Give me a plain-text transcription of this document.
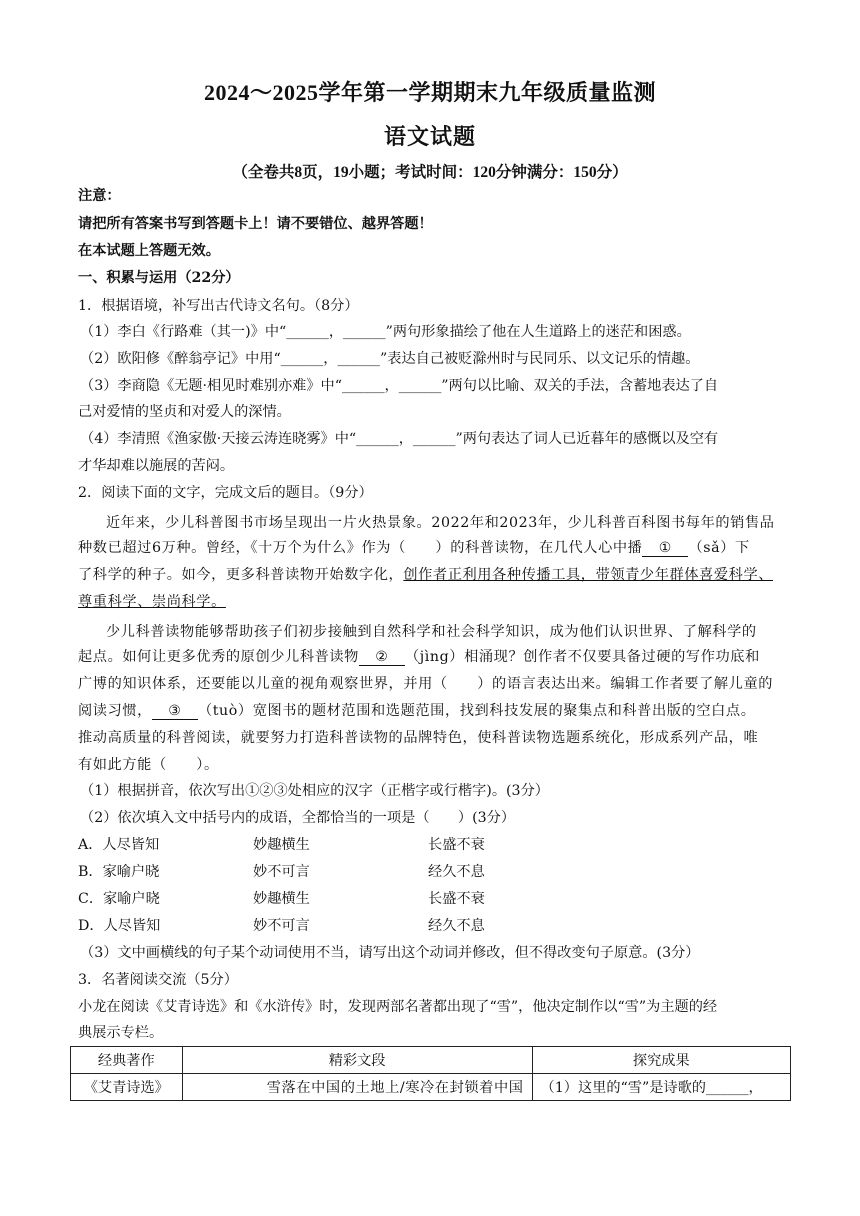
2024～2025学年第一学期期末九年级质量监测
语文试题
（全卷共8页，19小题；考试时间：120分钟满分：150分）
注意：
请把所有答案书写到答题卡上！请不要错位、越界答题！
在本试题上答题无效。
一、积累与运用（22分）
1．根据语境，补写出古代诗文名句。（8分）
（1）李白《行路难（其一)》中“______，______”两句形象描绘了他在人生道路上的迷茫和困惑。
（2）欧阳修《醉翁亭记》中用“______，______”表达自己被贬滁州时与民同乐、以文记乐的情趣。
（3）李商隐《无题·相见时难别亦难》中“______，______”两句以比喻、双关的手法，含蓄地表达了自
己对爱情的坚贞和对爱人的深情。
（4）李清照《渔家傲·天接云涛连晓雾》中“______，______”两句表达了词人已近暮年的感慨以及空有
才华却难以施展的苦闷。
2．阅读下面的文字，完成文后的题目。（9分）
近年来，少儿科普图书市场呈现出一片火热景象。2022年和2023年，少儿科普百科图书每年的销售品
种数已超过6万种。曾经，《十万个为什么》作为（　　）的科普读物，在几代人心中播 ① （sǎ）下
了科学的种子。如今，更多科普读物开始数字化，创作者正利用各种传播工具，带领青少年群体喜爱科学、
尊重科学、崇尚科学。
少儿科普读物能够帮助孩子们初步接触到自然科学和社会科学知识，成为他们认识世界、了解科学的
起点。如何让更多优秀的原创少儿科普读物 ② （jìng）相涌现？创作者不仅要具备过硬的写作功底和
广博的知识体系，还要能以儿童的视角观察世界，并用（　　）的语言表达出来。编辑工作者要了解儿童的
阅读习惯， ③ （tuò）宽图书的题材范围和选题范围，找到科技发展的聚集点和科普出版的空白点。
推动高质量的科普阅读，就要努力打造科普读物的品牌特色，使科普读物选题系统化，形成系列产品，唯
有如此方能（　　）。
（1）根据拼音，依次写出①②③处相应的汉字（正楷字或行楷字)。(3分）
（2）依次填入文中括号内的成语，全都恰当的一项是（　　）(3分）
A．人尽皆知	妙趣横生	长盛不衰
B．家喻户晓	妙不可言	经久不息
C．家喻户晓	妙趣横生	长盛不衰
D．人尽皆知	妙不可言	经久不息
（3）文中画横线的句子某个动词使用不当，请写出这个动词并修改，但不得改变句子原意。(3分）
3．名著阅读交流（5分）
小龙在阅读《艾青诗选》和《水浒传》时，发现两部名著都出现了“雪”，他决定制作以“雪”为主题的经
典展示专栏。
经典著作	精彩文段	探究成果
《艾青诗选》	雪落在中国的土地上/寒冷在封锁着中国	（1）这里的“雪”是诗歌的______，
